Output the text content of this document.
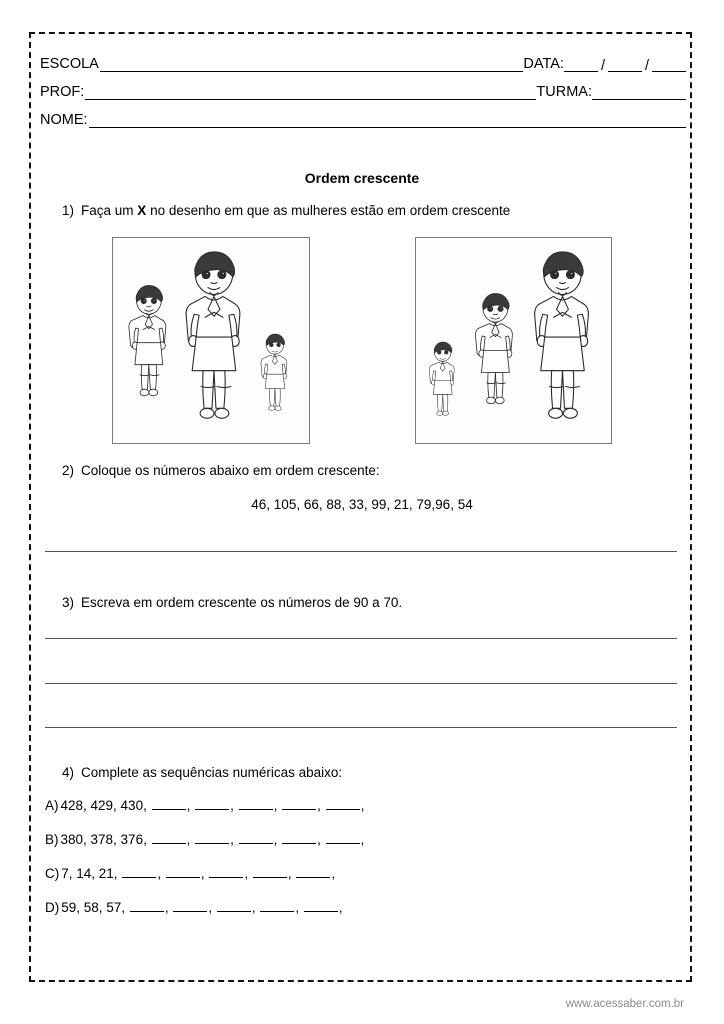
ESCOLA	DATA:	/	/
PROF:	TURMA:
NOME:
Ordem crescente
1) Faça um X no desenho em que as mulheres estão em ordem crescente
2) Coloque os números abaixo em ordem crescente:
46, 105, 66, 88, 33, 99, 21, 79,96, 54
3) Escreva em ordem crescente os números de 90 a 70.
4) Complete as sequências numéricas abaixo:
A) 428, 429, 430,	,	,	,	,	,
B) 380, 378, 376,	,	,	,	,	,
C) 7, 14, 21,	,	,	,	,	,
D) 59, 58, 57,	,	,	,	,	,
www.acessaber.com.br
